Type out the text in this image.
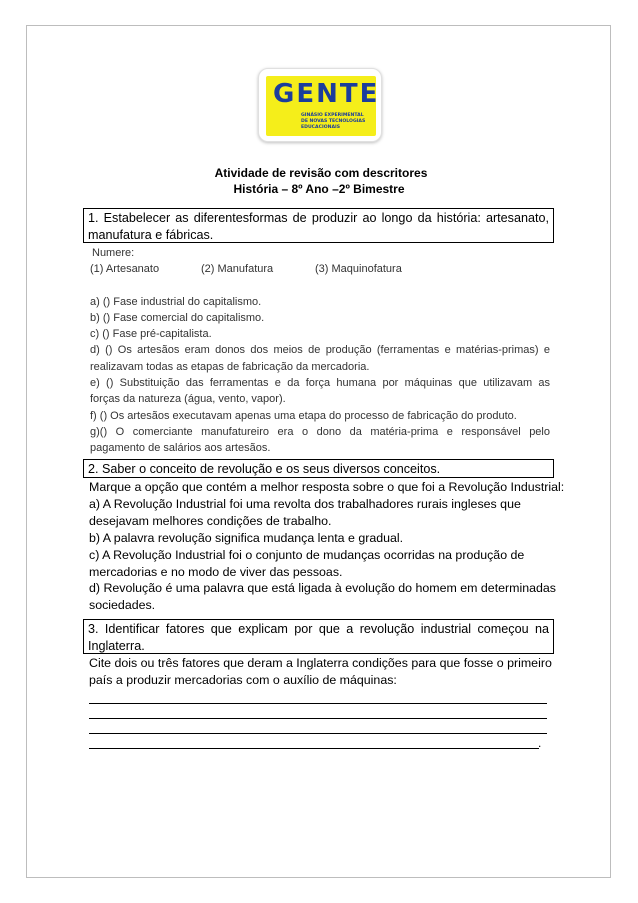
GENTE
GINÁSIO EXPERIMENTAL
DE NOVAS TECNOLOGIAS
EDUCACIONAIS
Atividade de revisão com descritores
História – 8º Ano –2º Bimestre
1. Estabelecer as diferentesformas de produzir ao longo da história: artesanato,
manufatura e fábricas.
Numere:
(1) Artesanato	(2) Manufatura	(3) Maquinofatura
a) () Fase industrial do capitalismo.
b) () Fase comercial do capitalismo.
c) () Fase pré-capitalista.
d) () Os artesãos eram donos dos meios de produção (ferramentas e matérias-primas) e
realizavam todas as etapas de fabricação da mercadoria.
e) () Substituição das ferramentas e da força humana por máquinas que utilizavam as
forças da natureza (água, vento, vapor).
f) () Os artesãos executavam apenas uma etapa do processo de fabricação do produto.
g)() O comerciante manufatureiro era o dono da matéria-prima e responsável pelo
pagamento de salários aos artesãos.
2. Saber o conceito de revolução e os seus diversos conceitos.
Marque a opção que contém a melhor resposta sobre o que foi a Revolução Industrial:
a) A Revolução Industrial foi uma revolta dos trabalhadores rurais ingleses que
desejavam melhores condições de trabalho.
b) A palavra revolução significa mudança lenta e gradual.
c) A Revolução Industrial foi o conjunto de mudanças ocorridas na produção de
mercadorias e no modo de viver das pessoas.
d) Revolução é uma palavra que está ligada à evolução do homem em determinadas
sociedades.
3. Identificar fatores que explicam por que a revolução industrial começou na
Inglaterra.
Cite dois ou três fatores que deram a Inglaterra condições para que fosse o primeiro
país a produzir mercadorias com o auxílio de máquinas:
.
